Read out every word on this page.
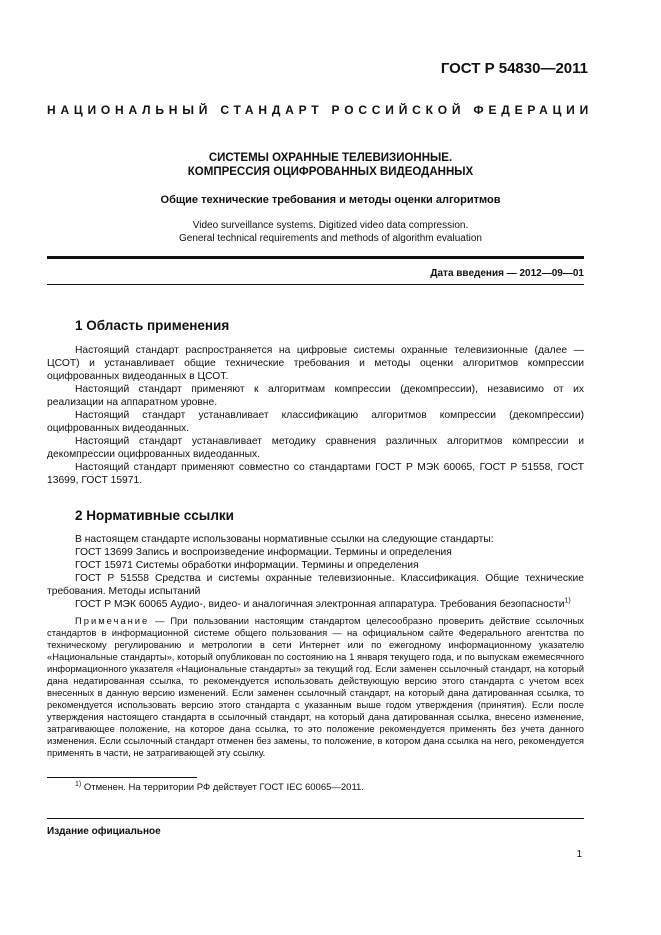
ГОСТ Р 54830—2011
НАЦИОНАЛЬНЫЙ СТАНДАРТ РОССИЙСКОЙ ФЕДЕРАЦИИ
СИСТЕМЫ ОХРАННЫЕ ТЕЛЕВИЗИОННЫЕ.
КОМПРЕССИЯ ОЦИФРОВАННЫХ ВИДЕОДАННЫХ
Общие технические требования и методы оценки алгоритмов
Video surveillance systems. Digitized video data compression.
General technical requirements and methods of algorithm evaluation
Дата введения — 2012—09—01
1 Область применения

Настоящий стандарт распространяется на цифровые системы охранные телевизионные (далее — ЦСОТ) и устанавливает общие технические требования и методы оценки алгоритмов компрессии оцифрованных видеоданных в ЦСОТ.

Настоящий стандарт применяют к алгоритмам компрессии (декомпрессии), независимо от их реализации на аппаратном уровне.

Настоящий стандарт устанавливает классификацию алгоритмов компрессии (декомпрессии) оцифрованных видеоданных.

Настоящий стандарт устанавливает методику сравнения различных алгоритмов компрессии и декомпрессии оцифрованных видеоданных.

Настоящий стандарт применяют совместно со стандартами ГОСТ Р МЭК 60065, ГОСТ Р 51558, ГОСТ 13699, ГОСТ 15971.

2 Нормативные ссылки

В настоящем стандарте использованы нормативные ссылки на следующие стандарты:

ГОСТ 13699 Запись и воспроизведение информации. Термины и определения

ГОСТ 15971 Системы обработки информации. Термины и определения

ГОСТ Р 51558 Средства и системы охранные телевизионные. Классификация. Общие технические требования. Методы испытаний

ГОСТ Р МЭК 60065 Аудио-, видео- и аналогичная электронная аппаратура. Требования безопасности$^{1)}$

Примечание — При пользовании настоящим стандартом целесообразно проверить действие ссылочных стандартов в информационной системе общего пользования — на официальном сайте Федерального агентства по техническому регулированию и метрологии в сети Интернет или по ежегодному информационному указателю «Национальные стандарты», который опубликован по состоянию на 1 января текущего года, и по выпускам ежемесячного информационного указателя «Национальные стандарты» за текущий год. Если заменен ссылочный стандарт, на который дана недатированная ссылка, то рекомендуется использовать действующую версию этого стандарта с учетом всех внесенных в данную версию изменений. Если заменен ссылочный стандарт, на который дана датированная ссылка, то рекомендуется использовать версию этого стандарта с указанным выше годом утверждения (принятия). Если после утверждения настоящего стандарта в ссылочный стандарт, на который дана датированная ссылка, внесено изменение, затрагивающее положение, на которое дана ссылка, то это положение рекомендуется применять без учета данного изменения. Если ссылочный стандарт отменен без замены, то положение, в котором дана ссылка на него, рекомендуется применять в части, не затрагивающей эту ссылку.

$^{1)}$ Отменен. На территории РФ действует ГОСТ IEC 60065—2011.
Издание официальное
1
